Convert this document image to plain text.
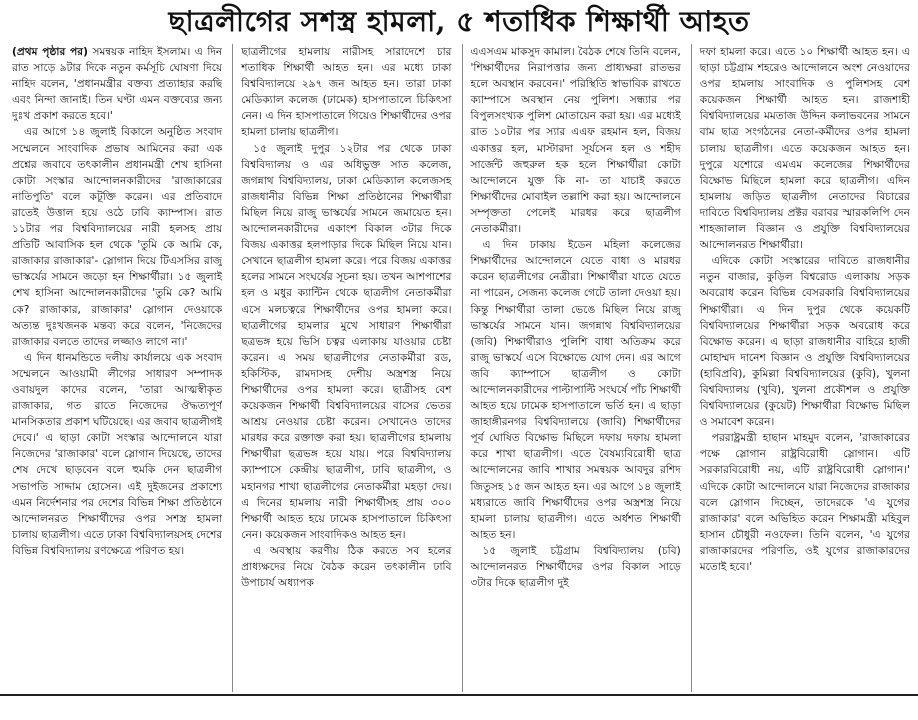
ছাত্রলীগের সশস্ত্র হামলা, ৫ শতাধিক শিক্ষার্থী আহত

(প্রথম পৃষ্ঠার পর) সমন্বয়ক নাহিদ ইসলাম। এ দিন রাত সাড়ে ৯টার দিকে নতুন কর্মসূচি ঘোষণা দিয়ে নাহিদ বলেন, 'প্রধানমন্ত্রীর বক্তব্য প্রত্যাহার করছি এবং নিন্দা জানাই। তিন ঘণ্টা এমন বক্তব্যের জন্য দুঃখ প্রকাশ করতে হবে।'

এর আগে ১৪ জুলাই বিকালে অনুষ্ঠিত সংবাদ সম্মেলনে সাংবাদিক প্রভাষ আমিনের করা এক প্রশ্নের জবাবে তৎকালীন প্রধানমন্ত্রী শেখ হাসিনা কোটা সংস্কার আন্দোলনকারীদের 'রাজাকারের নাতিপুতি' বলে কটূক্তি করেন। এর প্রতিবাদে রাতেই উত্তাল হয়ে ওঠে ঢাবি ক্যাম্পাস। রাত ১১টার পর বিশ্ববিদ্যালয়ের নারী হলসহ প্রায় প্রতিটি আবাসিক হল থেকে 'তুমি কে আমি কে, রাজাকার রাজাকার'- স্লোগান দিয়ে টিএসসির রাজু ভাস্কর্যের সামনে জড়ো হন শিক্ষার্থীরা। ১৫ জুলাই শেখ হাসিনা আন্দোলনকারীদের 'তুমি কে? আমি কে? রাজাকার, রাজাকার' স্লোগান দেওয়াকে অত্যন্ত দুঃখজনক মন্তব্য করে বলেন, 'নিজেদের রাজাকার বলতে তাদের লজ্জাও লাগে না।'

এ দিন ধানমন্ডিতে দলীয় কার্যালয়ে এক সংবাদ সম্মেলনে আওয়ামী লীগের সাধারণ সম্পাদক ওবায়দুল কাদের বলেন, 'তারা আত্মস্বীকৃত রাজাকার, গত রাতে নিজেদের ঔদ্ধত্যপূর্ণ মানসিকতার প্রকাশ ঘটিয়েছে। এর জবাব ছাত্রলীগই দেবে।' এ ছাড়া কোটা সংস্কার আন্দোলনে যারা নিজেদের 'রাজাকার' বলে স্লোগান দিয়েছে, তাদের শেষ দেখে ছাড়বেন বলে হুমকি দেন ছাত্রলীগ সভাপতি সাদ্দাম হোসেন। এই দুইজনের প্রকাশ্যে এমন নির্দেশনার পর দেশের বিভিন্ন শিক্ষা প্রতিষ্ঠানে আন্দোলনরত শিক্ষার্থীদের ওপর সশস্ত্র হামলা চালায় ছাত্রলীগ। এতে ঢাকা বিশ্ববিদ্যালয়সহ দেশের বিভিন্ন বিশ্ববিদ্যালয় রণক্ষেত্রে পরিণত হয়।

ছাত্রলীগের হামলায় নারীসহ সারাদেশে চার শতাধিক শিক্ষার্থী আহত হন। এর মধ্যে ঢাকা বিশ্ববিদ্যালয়ে ২৯৭ জন আহত হন। তারা ঢাকা মেডিক্যাল কলেজ (ঢামেক) হাসপাতালে চিকিৎসা নেন। এ দিন হাসপাতালে গিয়েও শিক্ষার্থীদের ওপর হামলা চালায় ছাত্রলীগ।

১৫ জুলাই দুপুর ১২টার পর থেকে ঢাকা বিশ্ববিদ্যালয় ও এর অধিভুক্ত সাত কলেজ, জগন্নাথ বিশ্ববিদ্যালয়, ঢাকা মেডিক্যাল কলেজসহ রাজধানীর বিভিন্ন শিক্ষা প্রতিষ্ঠানের শিক্ষার্থীরা মিছিল নিয়ে রাজু ভাস্কর্যের সামনে জমায়েত হন। আন্দোলনকারীদের একাংশ বিকাল ৩টার দিকে বিজয় একাত্তর হলপাড়ার দিকে মিছিল নিয়ে যান। সেখানে ছাত্রলীগ হামলা করে। পরে বিজয় একাত্তর হলের সামনে সংঘর্ষের সূচনা হয়। তখন আশপাশের হল ও মধুর ক্যান্টিন থেকে ছাত্রলীগ নেতাকর্মীরা এসে মলচত্বরে শিক্ষার্থীদের ওপর হামলা করে। ছাত্রলীগের হামলার মুখে সাধারণ শিক্ষার্থীরা ছত্রভঙ্গ হয়ে ভিসি চত্বর এলাকায় যাওয়ার চেষ্টা করেন। এ সময় ছাত্রলীগের নেতাকর্মীরা রড, হকিস্টিক, রামদাসহ দেশীয় অস্ত্রশস্ত্র নিয়ে শিক্ষার্থীদের ওপর হামলা করে। ছাত্রীসহ বেশ কয়েকজন শিক্ষার্থী বিশ্ববিদ্যালয়ের বাসের ভেতর আশ্রয় নেওয়ার চেষ্টা করেন। সেখানেও তাদের মারধর করে রক্তাক্ত করা হয়। ছাত্রলীগের হামলায় শিক্ষার্থীরা ছত্রভঙ্গ হয়ে যায়। পরে বিশ্ববিদ্যালয় ক্যাম্পাসে কেন্দ্রীয় ছাত্রলীগ, ঢাবি ছাত্রলীগ, ও মহানগর শাখা ছাত্রলীগের নেতাকর্মীরা মহড়া দেয়। এ দিনের হামলায় নারী শিক্ষার্থীসহ প্রায় ৩০০ শিক্ষার্থী আহত হয়ে ঢামেক হাসপাতালে চিকিৎসা নেন। কয়েকজন সাংবাদিকও আহত হন।

এ অবস্থায় করণীয় ঠিক করতে সব হলের প্রাধ্যক্ষদের নিয়ে বৈঠক করেন তৎকালীন ঢাবি উপাচার্য অধ্যাপক

এএসএম মাকসুদ কামাল। বৈঠক শেষে তিনি বলেন, 'শিক্ষার্থীদের নিরাপত্তার জন্য প্রাধ্যক্ষরা রাতভর হলে অবস্থান করবেন।' পরিস্থিতি স্বাভাবিক রাখতে ক্যাম্পাসে অবস্থান নেয় পুলিশ। সন্ধ্যার পর বিপুলসংখ্যক পুলিশ মোতায়েন করা হয়। এর মধ্যেই রাত ১০টার পর স্যার এএফ রহমান হল, বিজয় একাত্তর হল, মাস্টারদা সূর্যসেন হল ও শহীদ সার্জেন্ট জহুরুল হক হলে শিক্ষার্থীরা কোটা আন্দোলনে যুক্ত কি না- তা যাচাই করতে শিক্ষার্থীদের মোবাইল তল্লাশি করা হয়। আন্দোলনে সম্পৃক্ততা পেলেই মারধর করে ছাত্রলীগ নেতাকর্মীরা।

এ দিন ঢাকায় ইডেন মহিলা কলেজের শিক্ষার্থীদের আন্দোলনে যেতে বাধা ও মারধর করেন ছাত্রলীগের নেত্রীরা। শিক্ষার্থীরা যাতে যেতে না পারেন, সেজন্য কলেজ গেটে তালা দেওয়া হয়। কিন্তু শিক্ষার্থীরা তালা ভেঙে মিছিল নিয়ে রাজু ভাস্কর্যের সামনে যান। জগন্নাথ বিশ্ববিদ্যালয়ের (জবি) শিক্ষার্থীরাও পুলিশি বাধা অতিক্রম করে রাজু ভাস্কর্যে এসে বিক্ষোভে যোগ দেন। এর আগে জবি ক্যাম্পাসে ছাত্রলীগ ও কোটা আন্দোলনকারীদের পাল্টাপাল্টি সংঘর্ষে পাঁচ শিক্ষার্থী আহত হয়ে ঢামেক হাসপাতালে ভর্তি হন। এ ছাড়া জাহাঙ্গীরনগর বিশ্ববিদ্যালয়ে (জাবি) শিক্ষার্থীদের পূর্ব ঘোষিত বিক্ষোভ মিছিলে দফায় দফায় হামলা করে শাখা ছাত্রলীগ। এতে বৈষম্যবিরোধী ছাত্র আন্দোলনের জাবি শাখার সমন্বয়ক আবদুর রশিদ জিতুসহ ১৫ জন আহত হন। এর আগে ১৪ জুলাই মধ্যরাতে জাবি শিক্ষার্থীদের ওপর অস্ত্রশস্ত্র নিয়ে হামলা চালায় ছাত্রলীগ। এতে অর্ধশত শিক্ষার্থী আহত হন।

১৫ জুলাই চট্টগ্রাম বিশ্ববিদ্যালয় (চবি) আন্দোলনরত শিক্ষার্থীদের ওপর বিকাল সাড়ে ৩টার দিকে ছাত্রলীগ দুই

দফা হামলা করে। এতে ১০ শিক্ষার্থী আহত হন। এ ছাড়া চট্টগ্রাম শহরেও আন্দোলনে অংশ নেওয়াদের ওপর হামলায় সাংবাদিক ও পুলিশসহ বেশ কয়েকজন শিক্ষার্থী আহত হন। রাজশাহী বিশ্ববিদ্যালয়ের মমতাজ উদ্দিন কলাভবনের সামনে বাম ছাত্র সংগঠনের নেতা-কর্মীদের ওপর হামলা চালায় ছাত্রলীগ। এতে কয়েকজন আহত হন। দুপুরে যশোরে এমএম কলেজের শিক্ষার্থীদের বিক্ষোভ মিছিলে হামলা করে ছাত্রলীগ। এদিন হামলায় জড়িত ছাত্রলীগ নেতাদের বিচারের দাবিতে বিশ্ববিদ্যালয় প্রক্টর বরাবর স্মারকলিপি দেন শাহজালাল বিজ্ঞান ও প্রযুক্তি বিশ্ববিদ্যালয়ের আন্দোলনরত শিক্ষার্থীরা।

এদিকে কোটা সংস্কারের দাবিতে রাজধানীর নতুন বাজার, কুড়িল বিশ্বরোড এলাকায় সড়ক অবরোধ করেন বিভিন্ন বেসরকারি বিশ্ববিদ্যালয়ের শিক্ষার্থীরা। এ দিন দুপুর থেকে কয়েকটি বিশ্ববিদ্যালয়ের শিক্ষার্থীরা সড়ক অবরোধ করে বিক্ষোভ করেন। এ ছাড়া রাজধানীর বাহিরে হাজী মোহাম্মদ দানেশ বিজ্ঞান ও প্রযুক্তি বিশ্ববিদ্যালয়ের (হাবিপ্রবি), কুমিল্লা বিশ্ববিদ্যালয়ের (কুবি), খুলনা বিশ্ববিদ্যালয় (খুবি), খুলনা প্রকৌশল ও প্রযুক্তি বিশ্ববিদ্যালয়ের (কুয়েট) শিক্ষার্থীরা বিক্ষোভ মিছিল ও সমাবেশ করেন।

পররাষ্ট্রমন্ত্রী হাছান মাহমুদ বলেন, 'রাজাকারের পক্ষে স্লোগান রাষ্ট্রবিরোধী স্লোগান। এটি সরকারবিরোধী নয়, এটি রাষ্ট্রবিরোধী স্লোগান।' এদিকে কোটা আন্দোলনে যারা নিজেদের রাজাকার বলে স্লোগান দিচ্ছেন, তাদেরকে 'এ যুগের রাজাকার' বলে অভিহিত করেন শিক্ষামন্ত্রী মহিবুল হাসান চৌধুরী নওফেল। তিনি বলেন, 'এ যুগের রাজাকারদের পরিণতি, ওই যুগের রাজাকারদের মতোই হবে।'
